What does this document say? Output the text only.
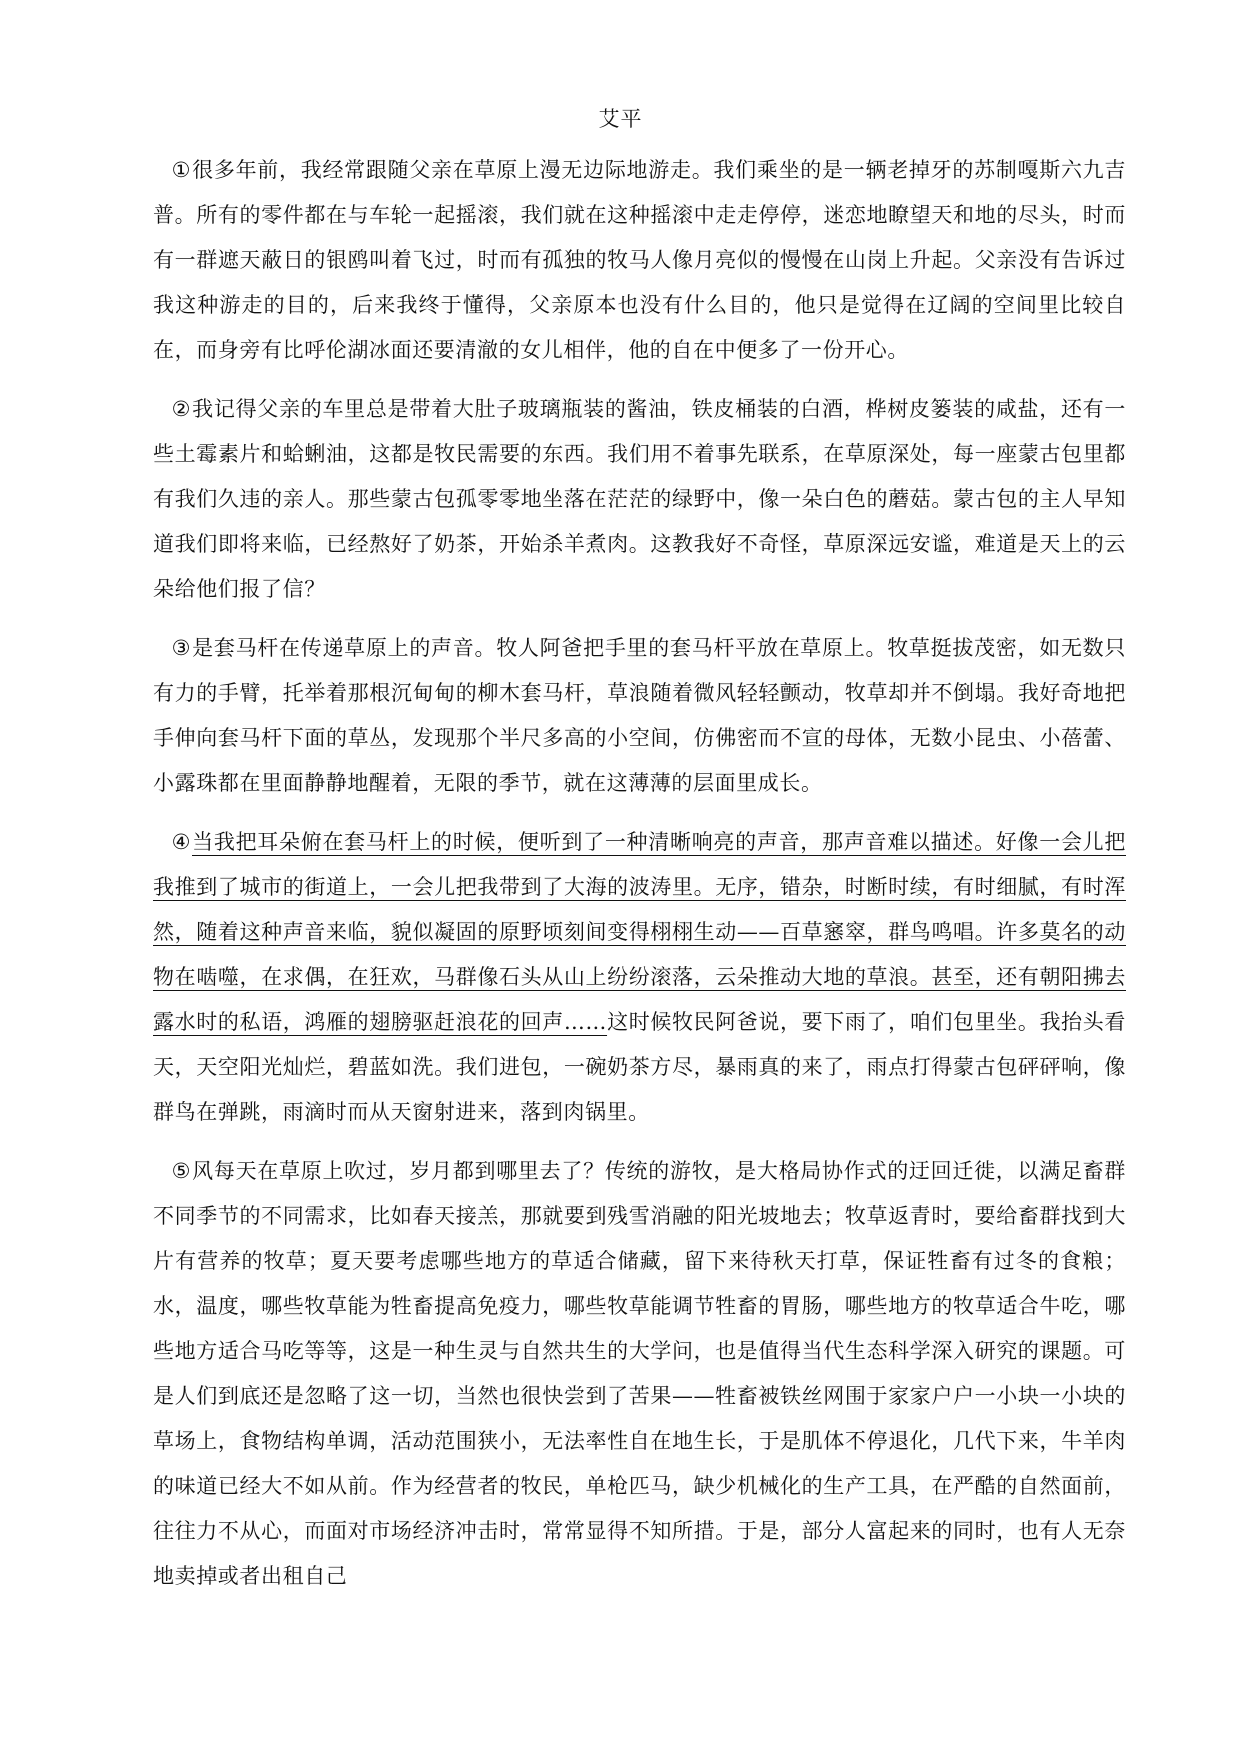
艾平

①很多年前，我经常跟随父亲在草原上漫无边际地游走。我们乘坐的是一辆老掉牙的苏制嘎斯六九吉普。所有的零件都在与车轮一起摇滚，我们就在这种摇滚中走走停停，迷恋地瞭望天和地的尽头，时而有一群遮天蔽日的银鸥叫着飞过，时而有孤独的牧马人像月亮似的慢慢在山岗上升起。父亲没有告诉过我这种游走的目的，后来我终于懂得，父亲原本也没有什么目的，他只是觉得在辽阔的空间里比较自在，而身旁有比呼伦湖冰面还要清澈的女儿相伴，他的自在中便多了一份开心。

②我记得父亲的车里总是带着大肚子玻璃瓶装的酱油，铁皮桶装的白酒，桦树皮篓装的咸盐，还有一些土霉素片和蛤蜊油，这都是牧民需要的东西。我们用不着事先联系，在草原深处，每一座蒙古包里都有我们久违的亲人。那些蒙古包孤零零地坐落在茫茫的绿野中，像一朵白色的蘑菇。蒙古包的主人早知道我们即将来临，已经熬好了奶茶，开始杀羊煮肉。这教我好不奇怪，草原深远安谧，难道是天上的云朵给他们报了信？

③是套马杆在传递草原上的声音。牧人阿爸把手里的套马杆平放在草原上。牧草挺拔茂密，如无数只有力的手臂，托举着那根沉甸甸的柳木套马杆，草浪随着微风轻轻颤动，牧草却并不倒塌。我好奇地把手伸向套马杆下面的草丛，发现那个半尺多高的小空间，仿佛密而不宣的母体，无数小昆虫、小蓓蕾、小露珠都在里面静静地醒着，无限的季节，就在这薄薄的层面里成长。

④当我把耳朵俯在套马杆上的时候，便听到了一种清晰响亮的声音，那声音难以描述。好像一会儿把我推到了城市的街道上，一会儿把我带到了大海的波涛里。无序，错杂，时断时续，有时细腻，有时浑然，随着这种声音来临，貌似凝固的原野顷刻间变得栩栩生动——百草窸窣，群鸟鸣唱。许多莫名的动物在啮噬，在求偶，在狂欢，马群像石头从山上纷纷滚落，云朵推动大地的草浪。甚至，还有朝阳拂去露水时的私语，鸿雁的翅膀驱赶浪花的回声……这时候牧民阿爸说，要下雨了，咱们包里坐。我抬头看天，天空阳光灿烂，碧蓝如洗。我们进包，一碗奶茶方尽，暴雨真的来了，雨点打得蒙古包砰砰响，像群鸟在弹跳，雨滴时而从天窗射进来，落到肉锅里。

⑤风每天在草原上吹过，岁月都到哪里去了？传统的游牧，是大格局协作式的迂回迁徙，以满足畜群不同季节的不同需求，比如春天接羔，那就要到残雪消融的阳光坡地去；牧草返青时，要给畜群找到大片有营养的牧草；夏天要考虑哪些地方的草适合储藏，留下来待秋天打草，保证牲畜有过冬的食粮；水，温度，哪些牧草能为牲畜提高免疫力，哪些牧草能调节牲畜的胃肠，哪些地方的牧草适合牛吃，哪些地方适合马吃等等，这是一种生灵与自然共生的大学问，也是值得当代生态科学深入研究的课题。可是人们到底还是忽略了这一切，当然也很快尝到了苦果——牲畜被铁丝网围于家家户户一小块一小块的草场上，食物结构单调，活动范围狭小，无法率性自在地生长，于是肌体不停退化，几代下来，牛羊肉的味道已经大不如从前。作为经营者的牧民，单枪匹马，缺少机械化的生产工具，在严酷的自然面前，往往力不从心，而面对市场经济冲击时，常常显得不知所措。于是，部分人富起来的同时，也有人无奈地卖掉或者出租自己
